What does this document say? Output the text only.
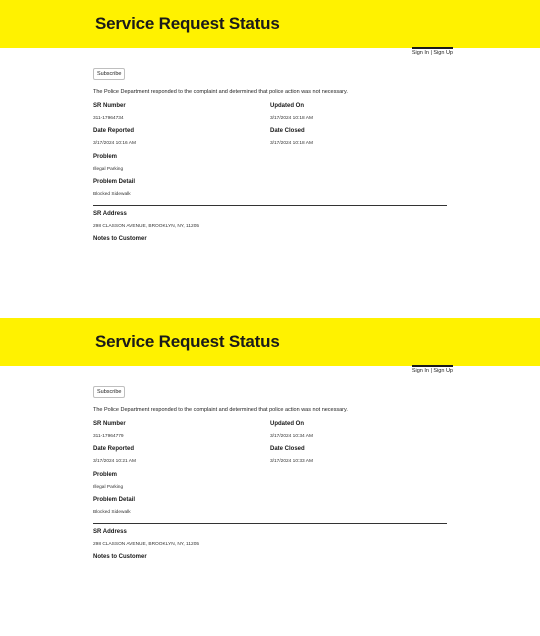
Service Request Status
Sign In | Sign Up
Subscribe
The Police Department responded to the complaint and determined that police action was not necessary.
SR Number
311-17964734
Updated On
3/17/2024 10:18 AM
Date Reported
3/17/2024 10:16 AM
Date Closed
3/17/2024 10:18 AM
Problem
Illegal Parking
Problem Detail
Blocked Sidewalk
SR Address
298 CLASSON AVENUE, BROOKLYN, NY, 11205
Notes to Customer
Service Request Status
Sign In | Sign Up
Subscribe
The Police Department responded to the complaint and determined that police action was not necessary.
SR Number
311-17964779
Updated On
3/17/2024 10:34 AM
Date Reported
3/17/2024 10:21 AM
Date Closed
3/17/2024 10:33 AM
Problem
Illegal Parking
Problem Detail
Blocked Sidewalk
SR Address
298 CLASSON AVENUE, BROOKLYN, NY, 11205
Notes to Customer
